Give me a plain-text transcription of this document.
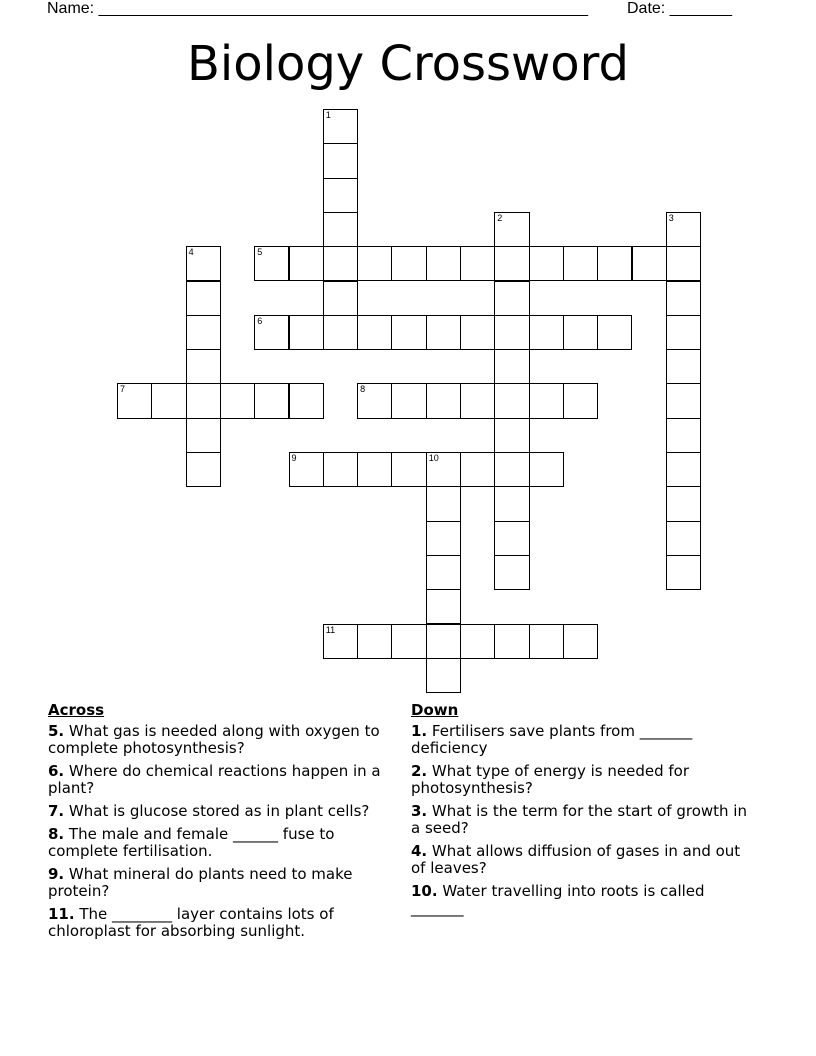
Name: _______________________________________________________ Date: _______
Biology Crossword
1
2	3
4	5
6
7	8
9	10
11
Across
5. What gas is needed along with oxygen to complete photosynthesis?
6. Where do chemical reactions happen in a plant?
7. What is glucose stored as in plant cells?
8. The male and female ______ fuse to complete fertilisation.
9. What mineral do plants need to make protein?
11. The ________ layer contains lots of chloroplast for absorbing sunlight.
Down
1. Fertilisers save plants from _______ deficiency
2. What type of energy is needed for photosynthesis?
3. What is the term for the start of growth in a seed?
4. What allows diffusion of gases in and out of leaves?
10. Water travelling into roots is called _______
